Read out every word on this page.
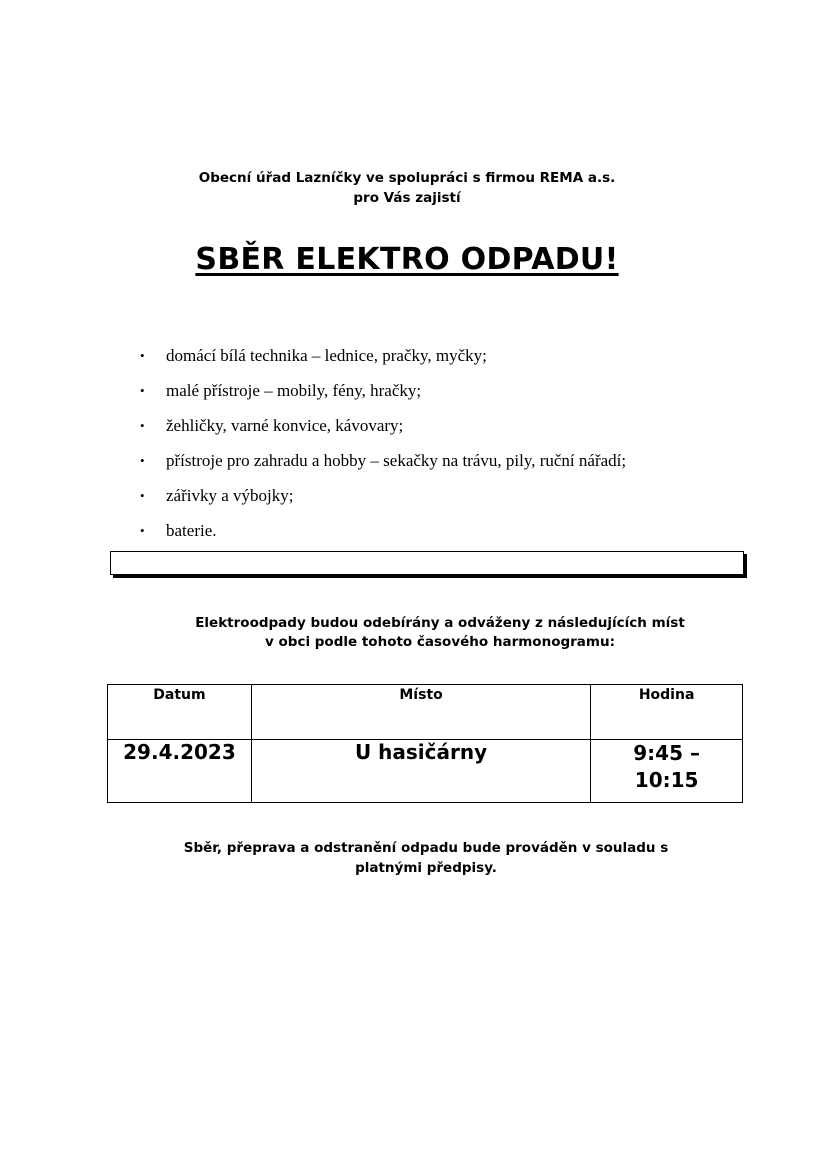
Obecní úřad Lazníčky ve spolupráci s firmou REMA a.s.
pro Vás zajistí
SBĚR ELEKTRO ODPADU!
• domácí bílá technika – lednice, pračky, myčky;
• malé přístroje – mobily, fény, hračky;
• žehličky, varné konvice, kávovary;
• přístroje pro zahradu a hobby – sekačky na trávu, pily, ruční nářadí;
• zářivky a výbojky;
• baterie.
Elektroodpady budou odebírány a odváženy z následujících míst
v obci podle tohoto časového harmonogramu:
Datum	Místo	Hodina
29.4.2023	U hasičárny	9:45 –
10:15
Sběr, přeprava a odstranění odpadu bude prováděn v souladu s
platnými předpisy.
